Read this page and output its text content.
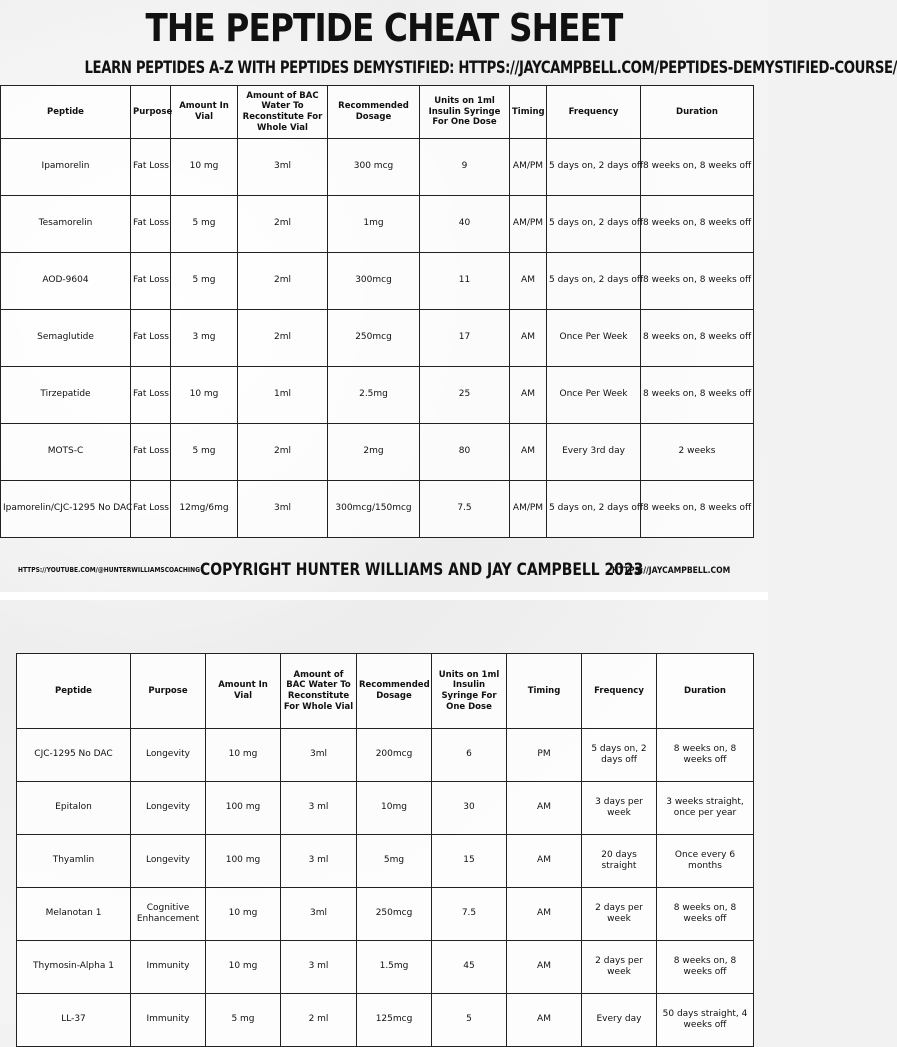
THE PEPTIDE CHEAT SHEET
LEARN PEPTIDES A-Z WITH PEPTIDES DEMYSTIFIED: HTTPS://JAYCAMPBELL.COM/PEPTIDES-DEMYSTIFIED-COURSE/
Peptide	Purpose	Amount In Vial	Amount of BAC Water To Reconstitute For Whole Vial	Recommended Dosage	Units on 1ml Insulin Syringe For One Dose	Timing	Frequency	Duration
Ipamorelin	Fat Loss	10 mg	3ml	300 mcg	9	AM/PM	5 days on, 2 days off	8 weeks on, 8 weeks off
Tesamorelin	Fat Loss	5 mg	2ml	1mg	40	AM/PM	5 days on, 2 days off	8 weeks on, 8 weeks off
AOD-9604	Fat Loss	5 mg	2ml	300mcg	11	AM	5 days on, 2 days off	8 weeks on, 8 weeks off
Semaglutide	Fat Loss	3 mg	2ml	250mcg	17	AM	Once Per Week	8 weeks on, 8 weeks off
Tirzepatide	Fat Loss	10 mg	1ml	2.5mg	25	AM	Once Per Week	8 weeks on, 8 weeks off
MOTS-C	Fat Loss	5 mg	2ml	2mg	80	AM	Every 3rd day	2 weeks
Ipamorelin/CJC-1295 No DAC	Fat Loss	12mg/6mg	3ml	300mcg/150mcg	7.5	AM/PM	5 days on, 2 days off	8 weeks on, 8 weeks off
HTTPS://YOUTUBE.COM/@HUNTERWILLIAMSCOACHING COPYRIGHT HUNTER WILLIAMS AND JAY CAMPBELL 2023
HTTPS://JAYCAMPBELL.COM
Peptide	Purpose	Amount In Vial	Amount of BAC Water To Reconstitute For Whole Vial	Recommended Dosage	Units on 1ml Insulin Syringe For One Dose	Timing	Frequency	Duration
CJC-1295 No DAC	Longevity	10 mg	3ml	200mcg	6	PM	5 days on, 2 days off	8 weeks on, 8 weeks off
Epitalon	Longevity	100 mg	3 ml	10mg	30	AM	3 days per week	3 weeks straight, once per year
Thyamlin	Longevity	100 mg	3 ml	5mg	15	AM	20 days straight	Once every 6 months
Melanotan 1	Cognitive Enhancement	10 mg	3ml	250mcg	7.5	AM	2 days per week	8 weeks on, 8 weeks off
Thymosin-Alpha 1	Immunity	10 mg	3 ml	1.5mg	45	AM	2 days per week	8 weeks on, 8 weeks off
LL-37	Immunity	5 mg	2 ml	125mcg	5	AM	Every day	50 days straight, 4 weeks off
